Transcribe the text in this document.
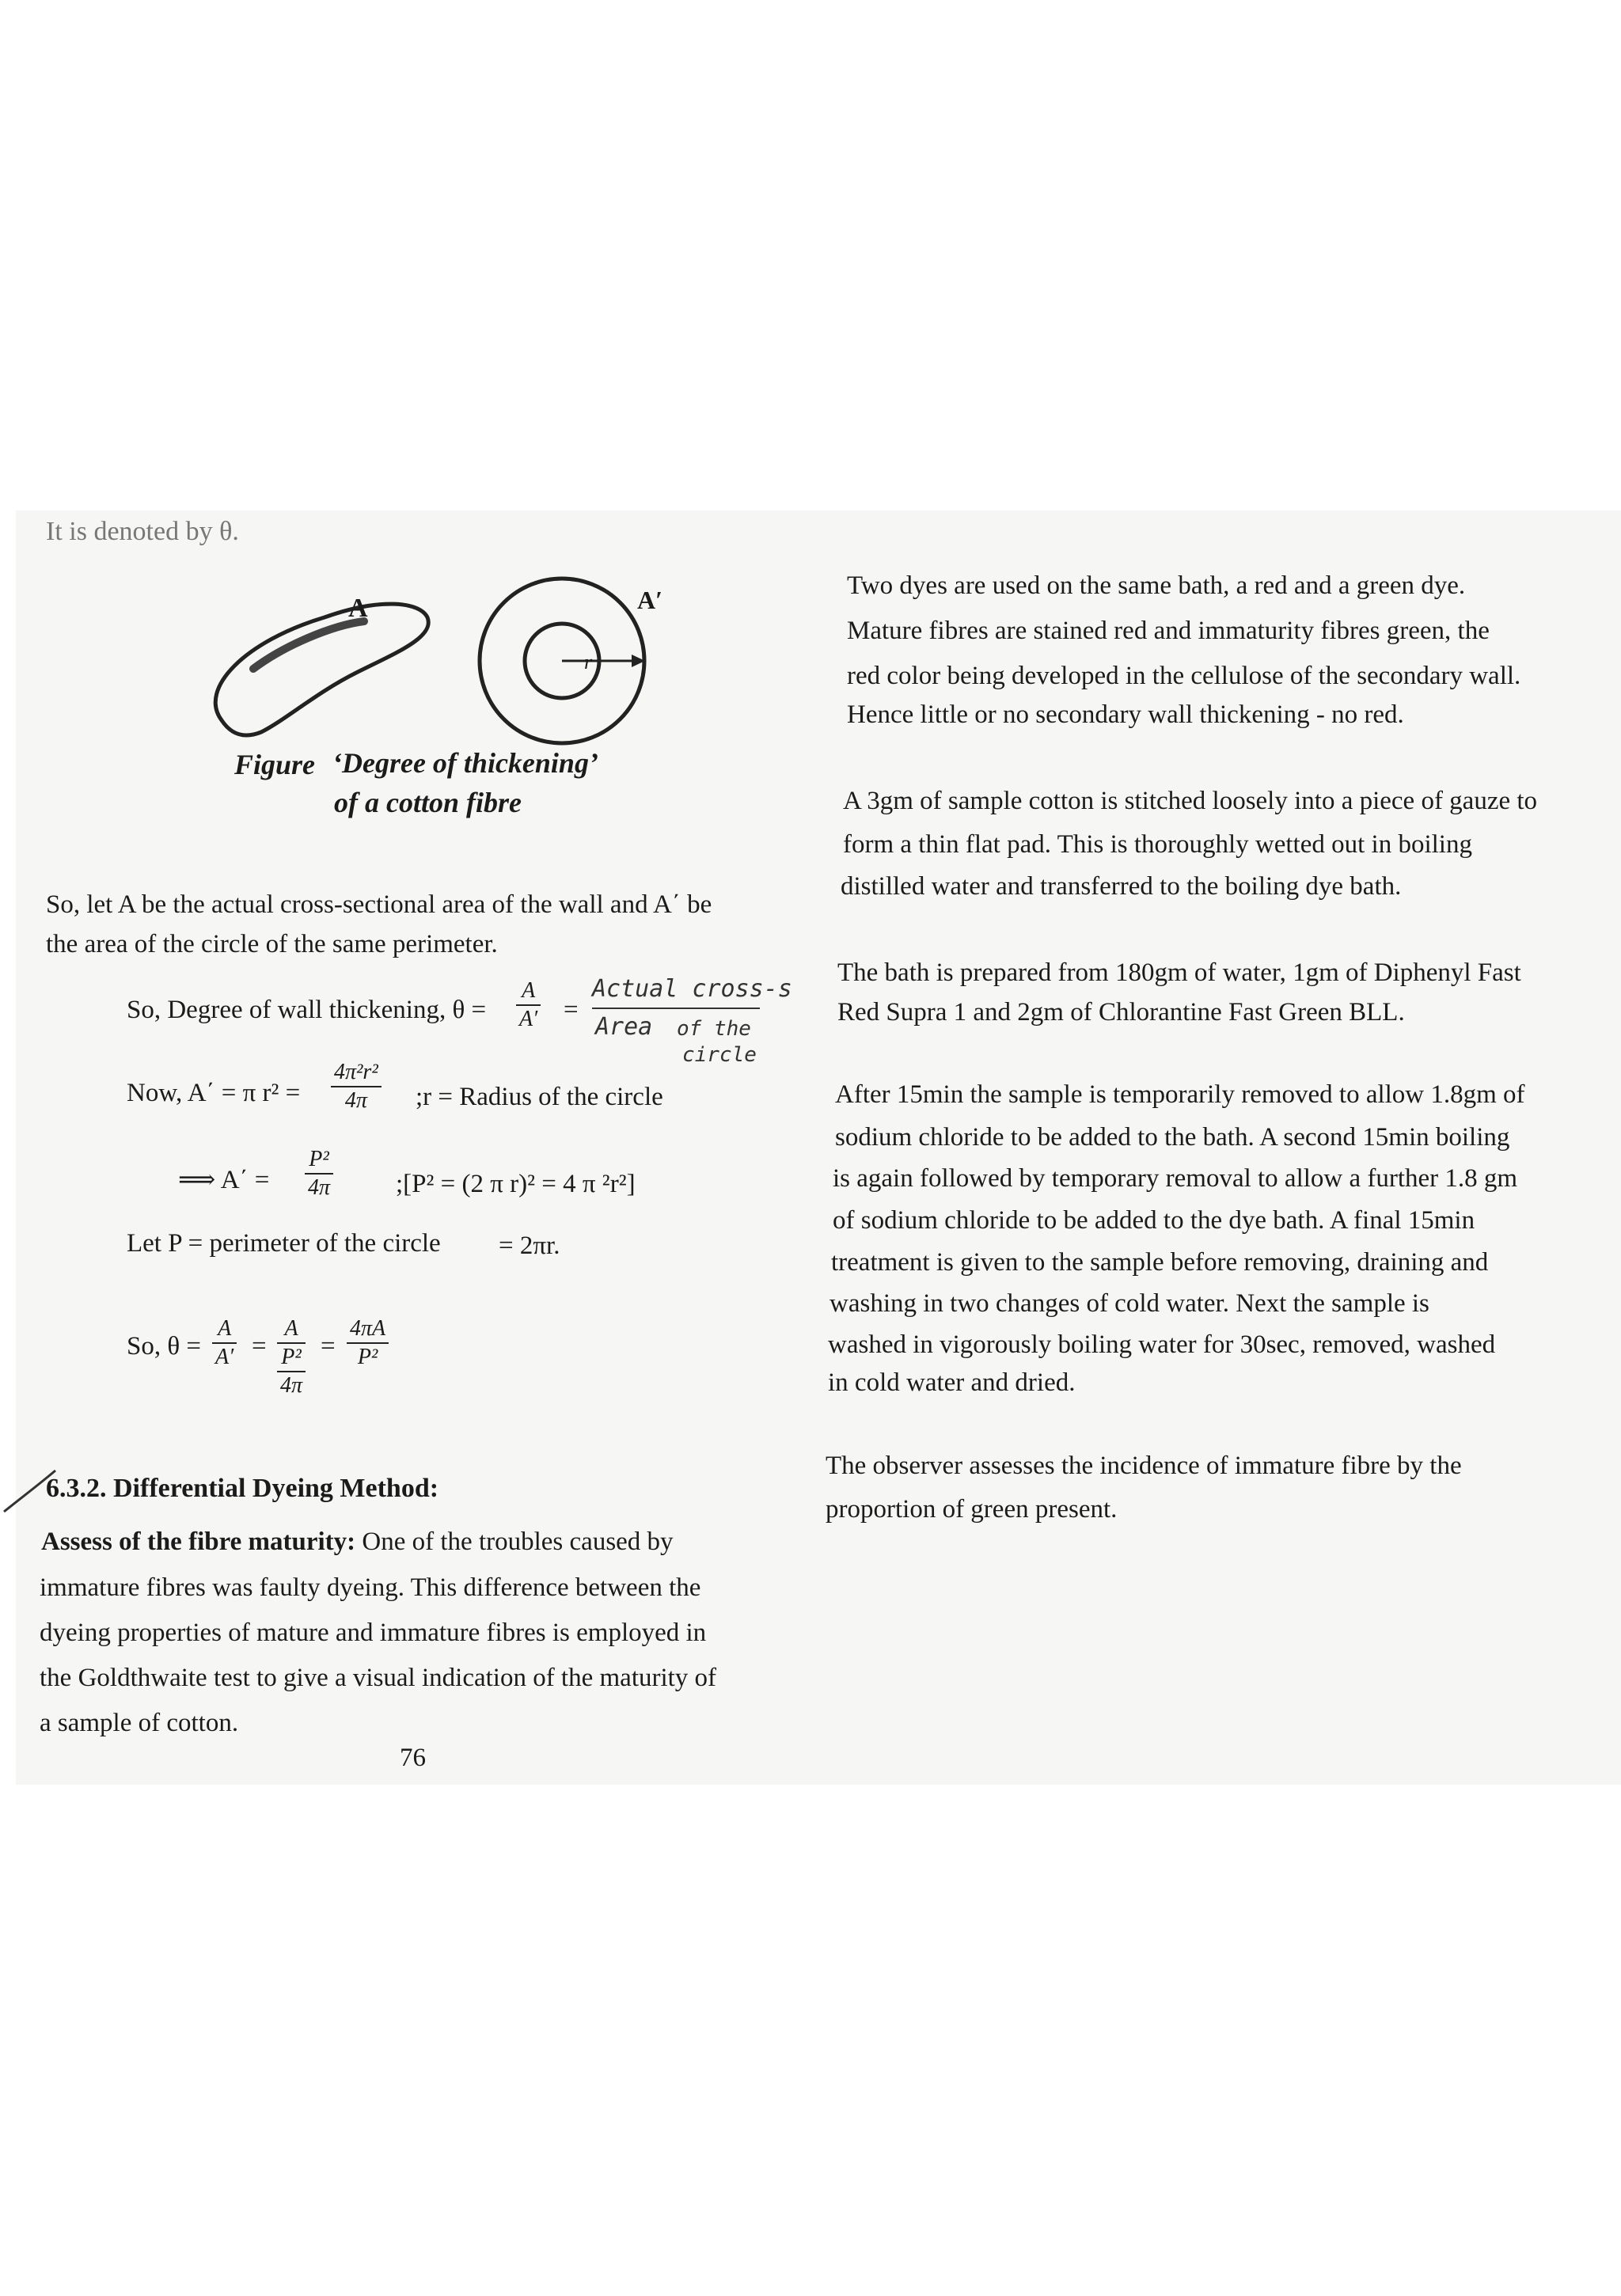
It is denoted by θ.
A	A′
r
Figure ‘Degree of thickening’
of a cotton fibre
So, let A be the actual cross-sectional area of the wall and A΄ be
the area of the circle of the same perimeter.
So, Degree of wall thickening, $\theta = \frac{A}{A'}$ =
Actual cross-s
Area of the
circle
Now, A΄ = π $r^2 = \frac{\text{4π²r²}}{4\pi}$ ;r = Radius of the circle
⟹ $A΄ = \frac{\text{P²}}{4\pi}$ ;[P² = (2 π r)² = 4 π ²r²]
Let P = perimeter of the circle = 2πr.
So, $\theta = \frac{A}{A'}$ =
A
P²
4π
= $\frac{4\pi A}{\text{P²}}$
6.3.2. Differential Dyeing Method:
Assess of the fibre maturity: One of the troubles caused by
immature fibres was faulty dyeing. This difference between the
dyeing properties of mature and immature fibres is employed in
the Goldthwaite test to give a visual indication of the maturity of
a sample of cotton.
76
Two dyes are used on the same bath, a red and a green dye.
Mature fibres are stained red and immaturity fibres green, the
red color being developed in the cellulose of the secondary wall.
Hence little or no secondary wall thickening - no red.
A 3gm of sample cotton is stitched loosely into a piece of gauze to
form a thin flat pad. This is thoroughly wetted out in boiling
distilled water and transferred to the boiling dye bath.
The bath is prepared from 180gm of water, 1gm of Diphenyl Fast
Red Supra 1 and 2gm of Chlorantine Fast Green BLL.
After 15min the sample is temporarily removed to allow 1.8gm of
sodium chloride to be added to the bath. A second 15min boiling
is again followed by temporary removal to allow a further 1.8 gm
of sodium chloride to be added to the dye bath. A final 15min
treatment is given to the sample before removing, draining and
washing in two changes of cold water. Next the sample is
washed in vigorously boiling water for 30sec, removed, washed
in cold water and dried.
The observer assesses the incidence of immature fibre by the
proportion of green present.
